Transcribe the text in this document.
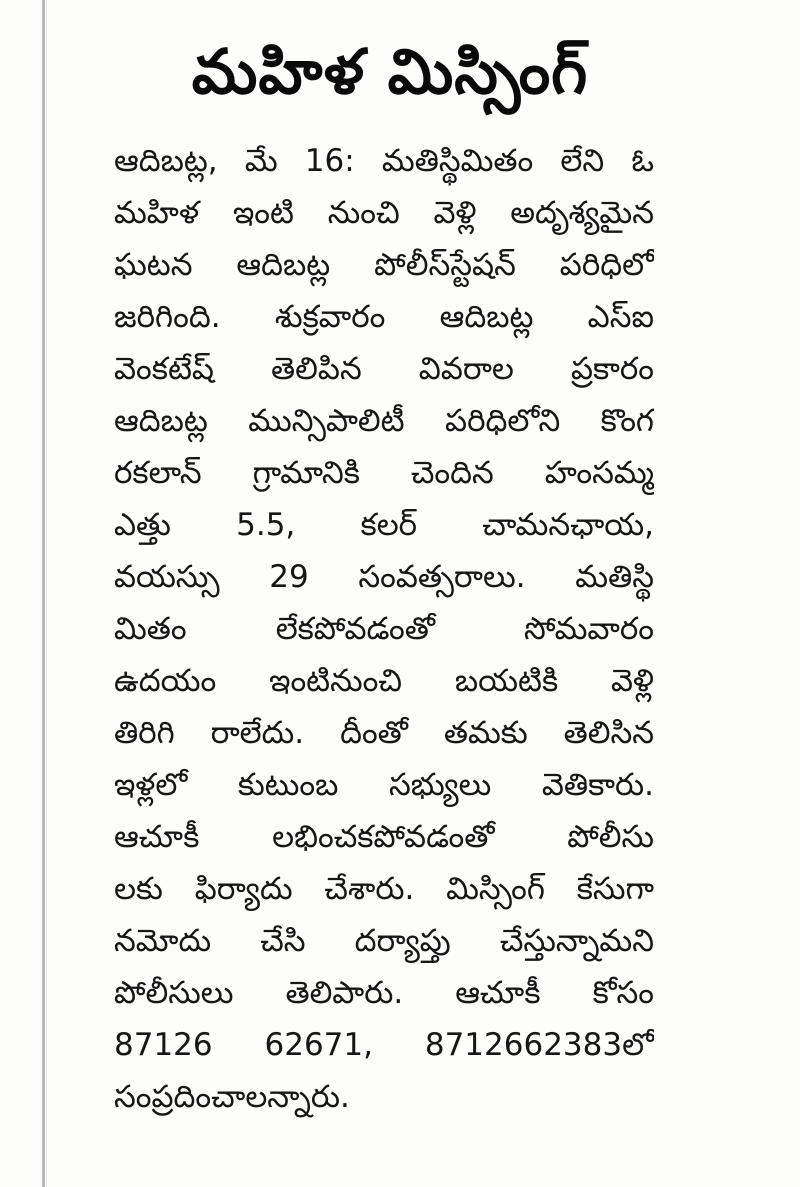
మహిళ మిస్సింగ్
ఆదిబట్ల, మే 16: మతిస్థిమితం లేని ఓ
మహిళ ఇంటి నుంచి వెళ్లి అదృశ్యమైన
ఘటన ఆదిబట్ల పోలీస్‌స్టేషన్ పరిధిలో
జరిగింది. శుక్రవారం ఆదిబట్ల ఎస్ఐ
వెంకటేష్ తెలిపిన వివరాల ప్రకారం
ఆదిబట్ల మున్సిపాలిటీ పరిధిలోని కొంగ
రకలాన్ గ్రామానికి చెందిన హంసమ్మ
ఎత్తు 5.5, కలర్ చామనఛాయ,
వయస్సు 29 సంవత్సరాలు. మతిస్థి
మితం లేకపోవడంతో సోమవారం
ఉదయం ఇంటినుంచి బయటికి వెళ్లి
తిరిగి రాలేదు. దీంతో తమకు తెలిసిన
ఇళ్లలో కుటుంబ సభ్యులు వెతికారు.
ఆచూకీ లభించకపోవడంతో పోలీసు
లకు ఫిర్యాదు చేశారు. మిస్సింగ్ కేసుగా
నమోదు చేసి దర్యాప్తు చేస్తున్నామని
పోలీసులు తెలిపారు. ఆచూకీ కోసం
87126 62671, 8712662383లో
సంప్రదించాలన్నారు.
